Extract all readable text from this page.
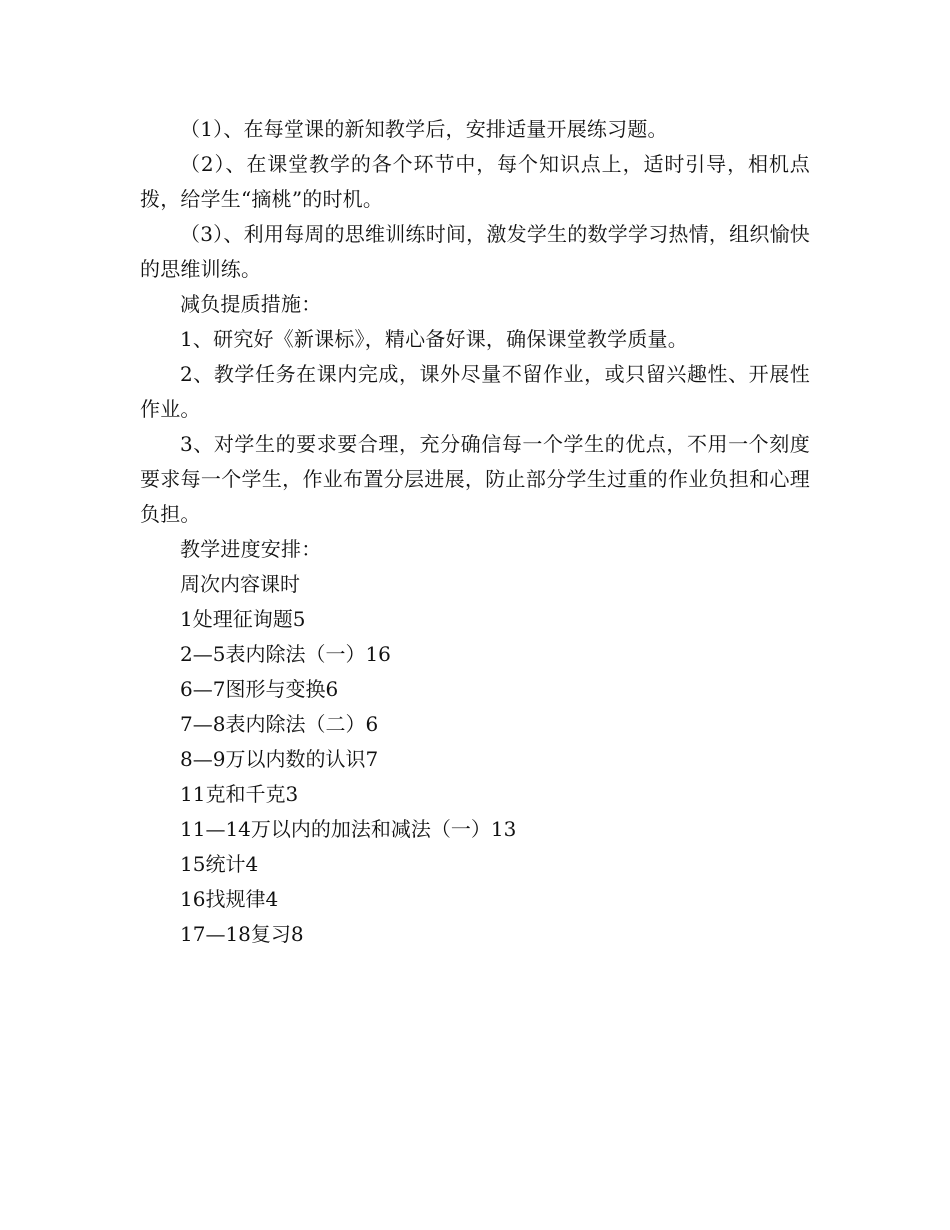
（1）、在每堂课的新知教学后，安排适量开展练习题。

（2）、在课堂教学的各个环节中，每个知识点上，适时引导，相机点拨，给学生“摘桃”的时机。

（3）、利用每周的思维训练时间，激发学生的数学学习热情，组织愉快的思维训练。

减负提质措施：

1、研究好《新课标》，精心备好课，确保课堂教学质量。

2、教学任务在课内完成，课外尽量不留作业，或只留兴趣性、开展性作业。

3、对学生的要求要合理，充分确信每一个学生的优点，不用一个刻度要求每一个学生，作业布置分层进展，防止部分学生过重的作业负担和心理负担。

教学进度安排：

周次内容课时
1处理征询题5
2—5表内除法（一）16
6—7图形与变换6
7—8表内除法（二）6
8—9万以内数的认识7
11克和千克3
11—14万以内的加法和减法（一）13
15统计4
16找规律4
17—18复习8
